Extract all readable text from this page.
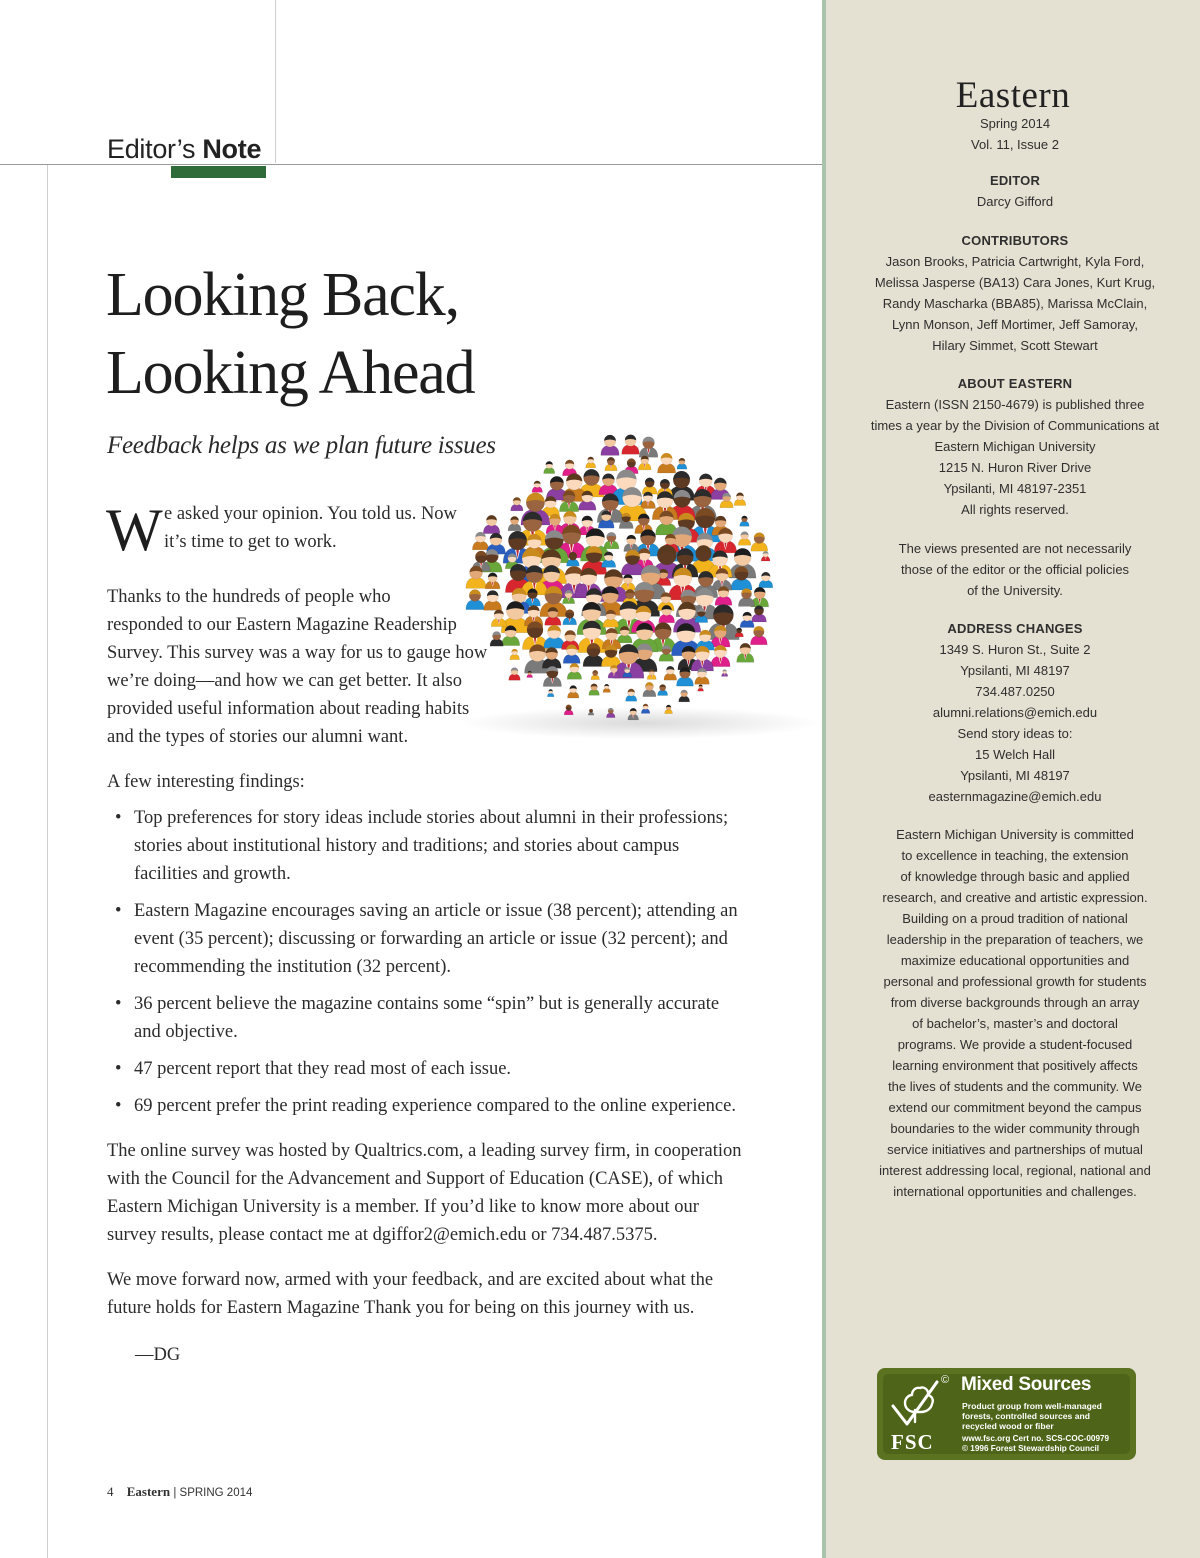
Editor’s Note
Looking Back,
Looking Ahead

Feedback helps as we plan future issues

W e asked your opinion. You told us. Now
it’s time to get to work.
Thanks to the hundreds of people who
responded to our Eastern Magazine Readership
Survey. This survey was a way for us to gauge how
we’re doing—and how we can get better. It also
provided useful information about reading habits
and the types of stories our alumni want.
A few interesting findings:
• Top preferences for story ideas include stories about alumni in their professions;
stories about institutional history and traditions; and stories about campus
facilities and growth.
• Eastern Magazine encourages saving an article or issue (38 percent); attending an
event (35 percent); discussing or forwarding an article or issue (32 percent); and
recommending the institution (32 percent).
• 36 percent believe the magazine contains some “spin” but is generally accurate
and objective.
• 47 percent report that they read most of each issue.
• 69 percent prefer the print reading experience compared to the online experience.
The online survey was hosted by Qualtrics.com, a leading survey firm, in cooperation
with the Council for the Advancement and Support of Education (CASE), of which
Eastern Michigan University is a member. If you’d like to know more about our
survey results, please contact me at dgiffor2@emich.edu or 734.487.5375.
We move forward now, armed with your feedback, and are excited about what the
future holds for Eastern Magazine Thank you for being on this journey with us.
—DG
4 Eastern | SPRING 2014
Eastern
Spring 2014
Vol. 11, Issue 2
EDITOR
Darcy Gifford
CONTRIBUTORS
Jason Brooks, Patricia Cartwright, Kyla Ford,
Melissa Jasperse (BA13) Cara Jones, Kurt Krug,
Randy Mascharka (BBA85), Marissa McClain,
Lynn Monson, Jeff Mortimer, Jeff Samoray,
Hilary Simmet, Scott Stewart
ABOUT EASTERN
Eastern (ISSN 2150-4679) is published three
times a year by the Division of Communications at
Eastern Michigan University
1215 N. Huron River Drive
Ypsilanti, MI 48197-2351
All rights reserved.
The views presented are not necessarily
those of the editor or the official policies
of the University.
ADDRESS CHANGES
1349 S. Huron St., Suite 2
Ypsilanti, MI 48197
734.487.0250
alumni.relations@emich.edu
Send story ideas to:
15 Welch Hall
Ypsilanti, MI 48197
easternmagazine@emich.edu
Eastern Michigan University is committed
to excellence in teaching, the extension
of knowledge through basic and applied
research, and creative and artistic expression.
Building on a proud tradition of national
leadership in the preparation of teachers, we
maximize educational opportunities and
personal and professional growth for students
from diverse backgrounds through an array
of bachelor’s, master’s and doctoral
programs. We provide a student-focused
learning environment that positively affects
the lives of students and the community. We
extend our commitment beyond the campus
boundaries to the wider community through
service initiatives and partnerships of mutual
interest addressing local, regional, national and
international opportunities and challenges.
FSC
© Mixed Sources
Product group from well-managed
forests, controlled sources and
recycled wood or fiber
www.fsc.org Cert no. SCS-COC-00979
© 1996 Forest Stewardship Council
